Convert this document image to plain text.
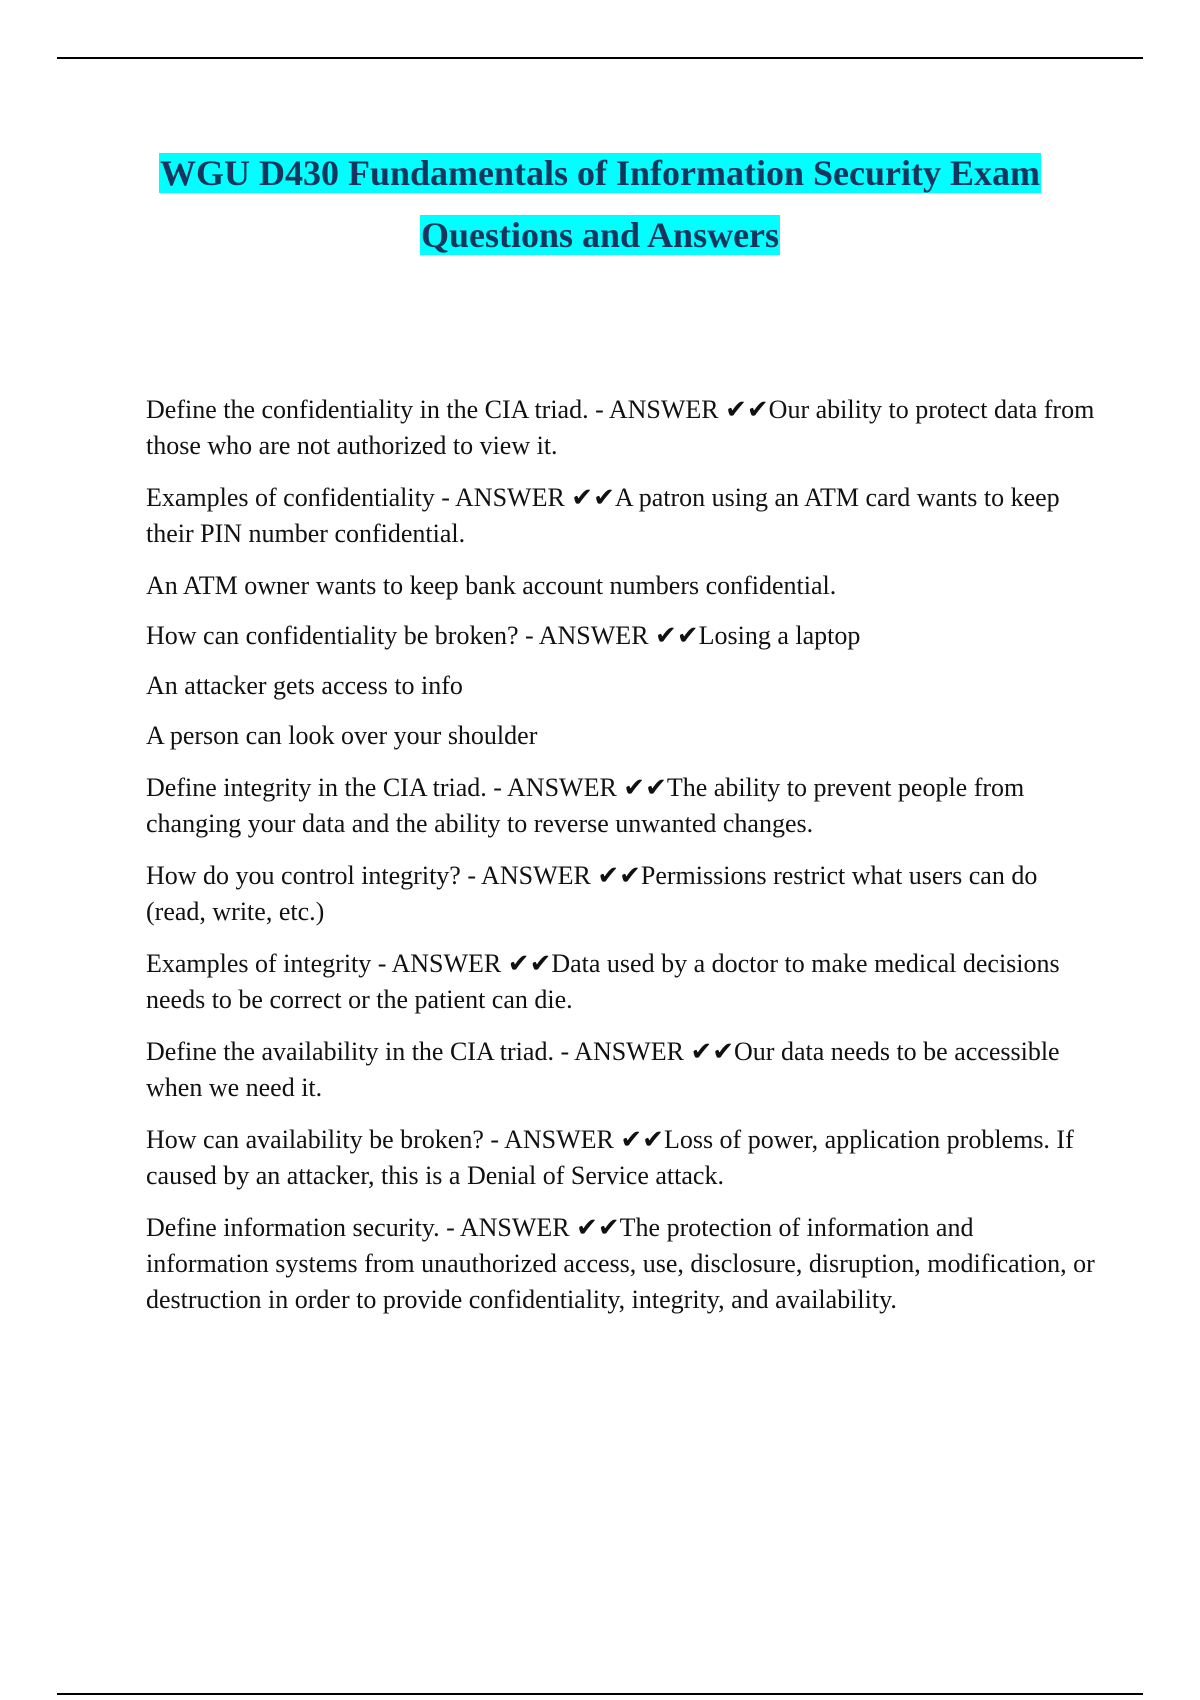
WGU D430 Fundamentals of Information Security Exam
Questions and Answers

Define the confidentiality in the CIA triad. - ANSWER ✔✔Our ability to protect data from those who are not authorized to view it.

Examples of confidentiality - ANSWER ✔✔A patron using an ATM card wants to keep their PIN number confidential.

An ATM owner wants to keep bank account numbers confidential.

How can confidentiality be broken? - ANSWER ✔✔Losing a laptop

An attacker gets access to info

A person can look over your shoulder

Define integrity in the CIA triad. - ANSWER ✔✔The ability to prevent people from changing your data and the ability to reverse unwanted changes.

How do you control integrity? - ANSWER ✔✔Permissions restrict what users can do (read, write, etc.)

Examples of integrity - ANSWER ✔✔Data used by a doctor to make medical decisions needs to be correct or the patient can die.

Define the availability in the CIA triad. - ANSWER ✔✔Our data needs to be accessible when we need it.

How can availability be broken? - ANSWER ✔✔Loss of power, application problems. If caused by an attacker, this is a Denial of Service attack.

Define information security. - ANSWER ✔✔The protection of information and information systems from unauthorized access, use, disclosure, disruption, modification, or destruction in order to provide confidentiality, integrity, and availability.
